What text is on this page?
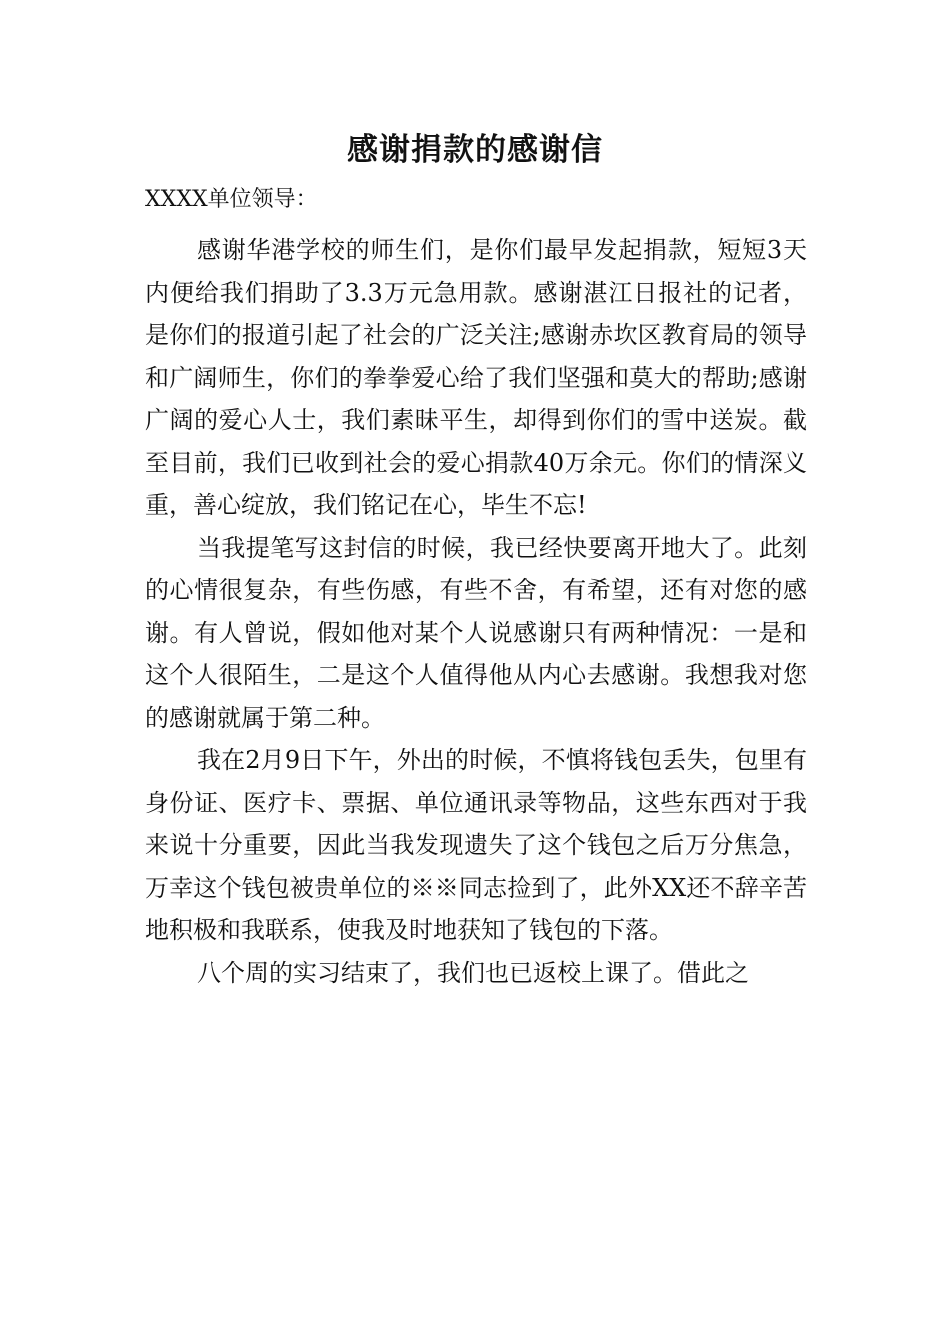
感谢捐款的感谢信
XXXX单位领导：

感谢华港学校的师生们，是你们最早发起捐款，短短3天内便给我们捐助了3.3万元急用款。感谢湛江日报社的记者，是你们的报道引起了社会的广泛关注;感谢赤坎区教育局的领导和广阔师生，你们的拳拳爱心给了我们坚强和莫大的帮助;感谢广阔的爱心人士，我们素昧平生，却得到你们的雪中送炭。截至目前，我们已收到社会的爱心捐款40万余元。你们的情深义重，善心绽放，我们铭记在心，毕生不忘!

当我提笔写这封信的时候，我已经快要离开地大了。此刻的心情很复杂，有些伤感，有些不舍，有希望，还有对您的感谢。有人曾说，假如他对某个人说感谢只有两种情况：一是和这个人很陌生，二是这个人值得他从内心去感谢。我想我对您的感谢就属于第二种。

我在2月9日下午，外出的时候，不慎将钱包丢失，包里有身份证、医疗卡、票据、单位通讯录等物品，这些东西对于我来说十分重要，因此当我发现遗失了这个钱包之后万分焦急，万幸这个钱包被贵单位的※※同志捡到了，此外XX还不辞辛苦地积极和我联系，使我及时地获知了钱包的下落。

八个周的实习结束了，我们也已返校上课了。借此之
